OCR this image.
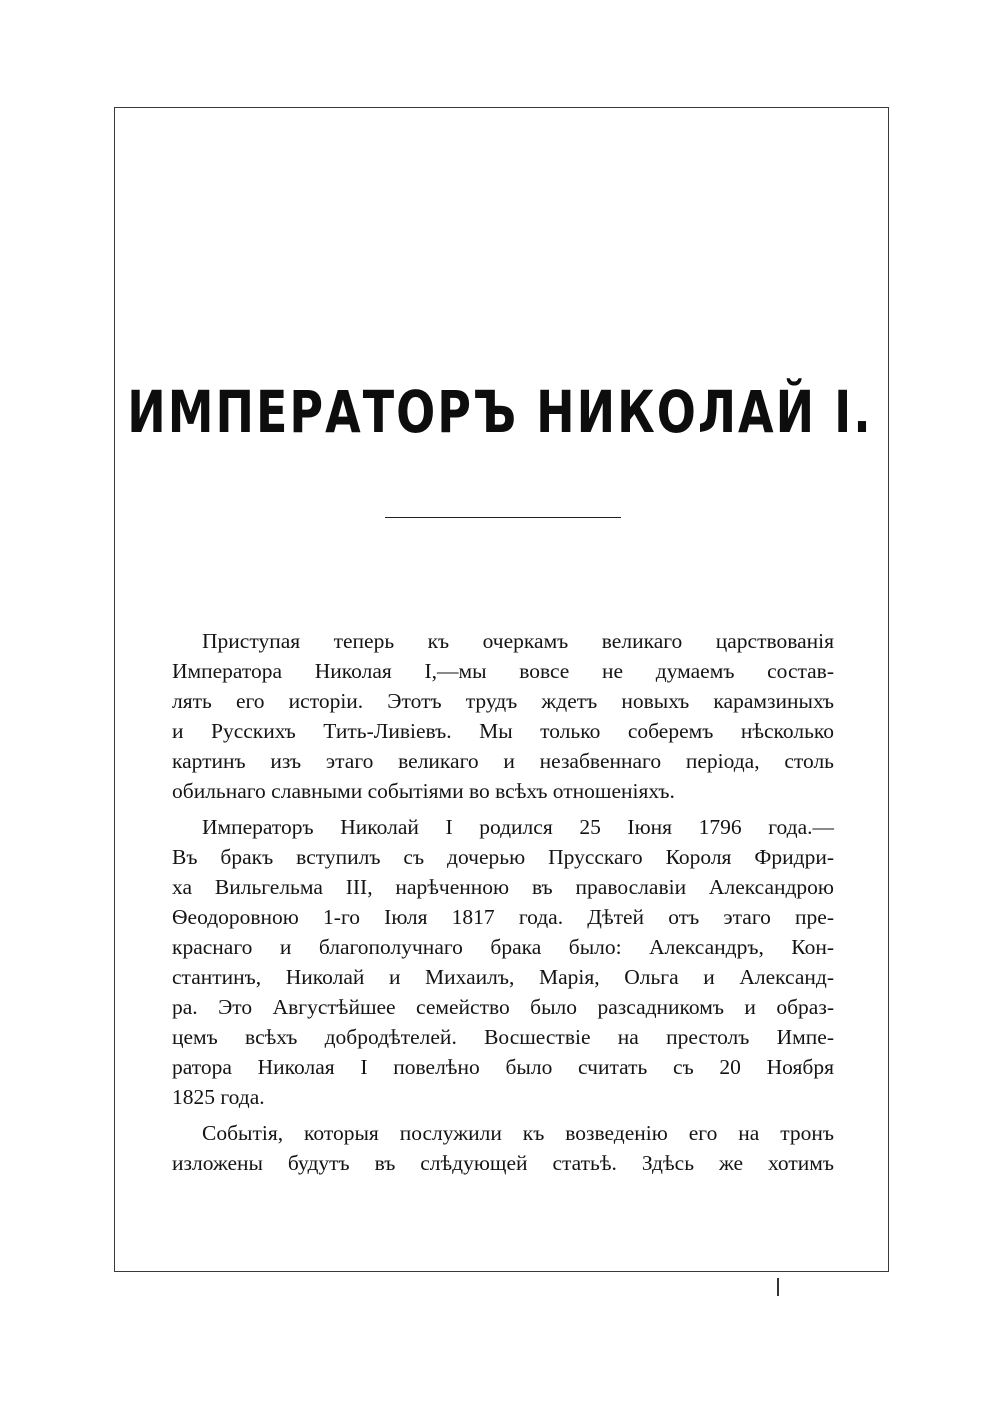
ИМПЕРАТОРЪ НИКОЛАЙ I.
Приступая теперь къ очеркамъ великаго царствованія
Императора Николая I,—мы вовсе не думаемъ состав-
лять его исторіи. Этотъ трудъ ждетъ новыхъ карамзиныхъ
и Русскихъ Тить-Ливіевъ. Мы только соберемъ нѣсколько
картинъ изъ этаго великаго и незабвеннаго періода, столь
обильнаго славными событіями во всѣхъ отношеніяхъ.
Императоръ Николай I родился 25 Іюня 1796 года.—
Въ бракъ вступилъ съ дочерью Прусскаго Короля Фридри-
ха Вильгельма III, нарѣченною въ православіи Александрою
Ѳеодоровною 1-го Іюля 1817 года. Дѣтей отъ этаго пре-
краснаго и благополучнаго брака было: Александръ, Кон-
стантинъ, Николай и Михаилъ, Марія, Ольга и Александ-
ра. Это Августѣйшее семейство было разсадникомъ и образ-
цемъ всѣхъ добродѣтелей. Восшествіе на престолъ Импе-
ратора Николая I повелѣно было считать съ 20 Ноября
1825 года.
Событія, которыя послужили къ возведенію его на тронъ
изложены будутъ въ слѣдующей статьѣ. Здѣсь же хотимъ
